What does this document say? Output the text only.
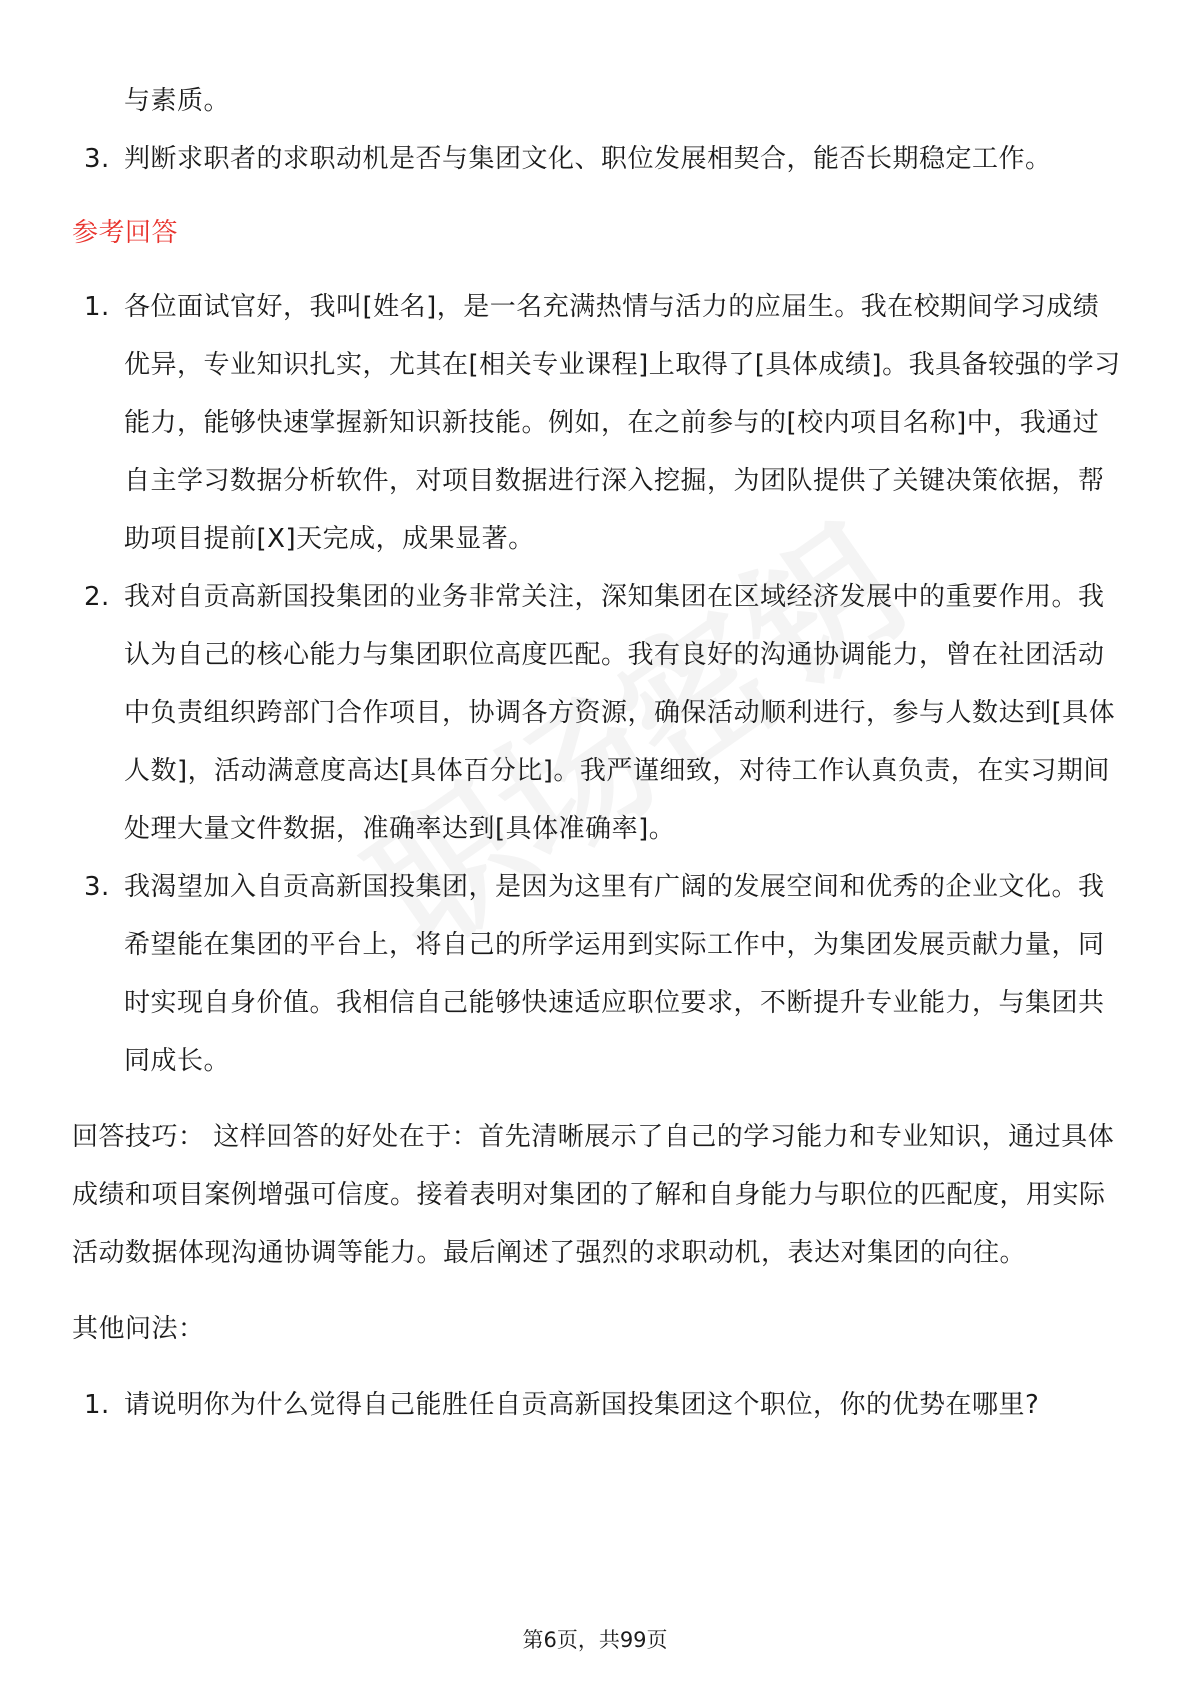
与素质。
3. 判断求职者的求职动机是否与集团文化、职位发展相契合，能否长期稳定工作。
参考回答
1. 各位面试官好，我叫[姓名]，是一名充满热情与活力的应届生。我在校期间学习成绩优异，专业知识扎实，尤其在[相关专业课程]上取得了[具体成绩]。我具备较强的学习能力，能够快速掌握新知识新技能。例如，在之前参与的[校内项目名称]中，我通过自主学习数据分析软件，对项目数据进行深入挖掘，为团队提供了关键决策依据，帮助项目提前[X]天完成，成果显著。
2. 我对自贡高新国投集团的业务非常关注，深知集团在区域经济发展中的重要作用。我认为自己的核心能力与集团职位高度匹配。我有良好的沟通协调能力，曾在社团活动中负责组织跨部门合作项目，协调各方资源，确保活动顺利进行，参与人数达到[具体人数]，活动满意度高达[具体百分比]。我严谨细致，对待工作认真负责，在实习期间处理大量文件数据，准确率达到[具体准确率]。
3. 我渴望加入自贡高新国投集团，是因为这里有广阔的发展空间和优秀的企业文化。我希望能在集团的平台上，将自己的所学运用到实际工作中，为集团发展贡献力量，同时实现自身价值。我相信自己能够快速适应职位要求，不断提升专业能力，与集团共同成长。
回答技巧： 这样回答的好处在于：首先清晰展示了自己的学习能力和专业知识，通过具体成绩和项目案例增强可信度。接着表明对集团的了解和自身能力与职位的匹配度，用实际活动数据体现沟通协调等能力。最后阐述了强烈的求职动机，表达对集团的向往。
其他问法：
1. 请说明你为什么觉得自己能胜任自贡高新国投集团这个职位，你的优势在哪里?
第6页，共99页
